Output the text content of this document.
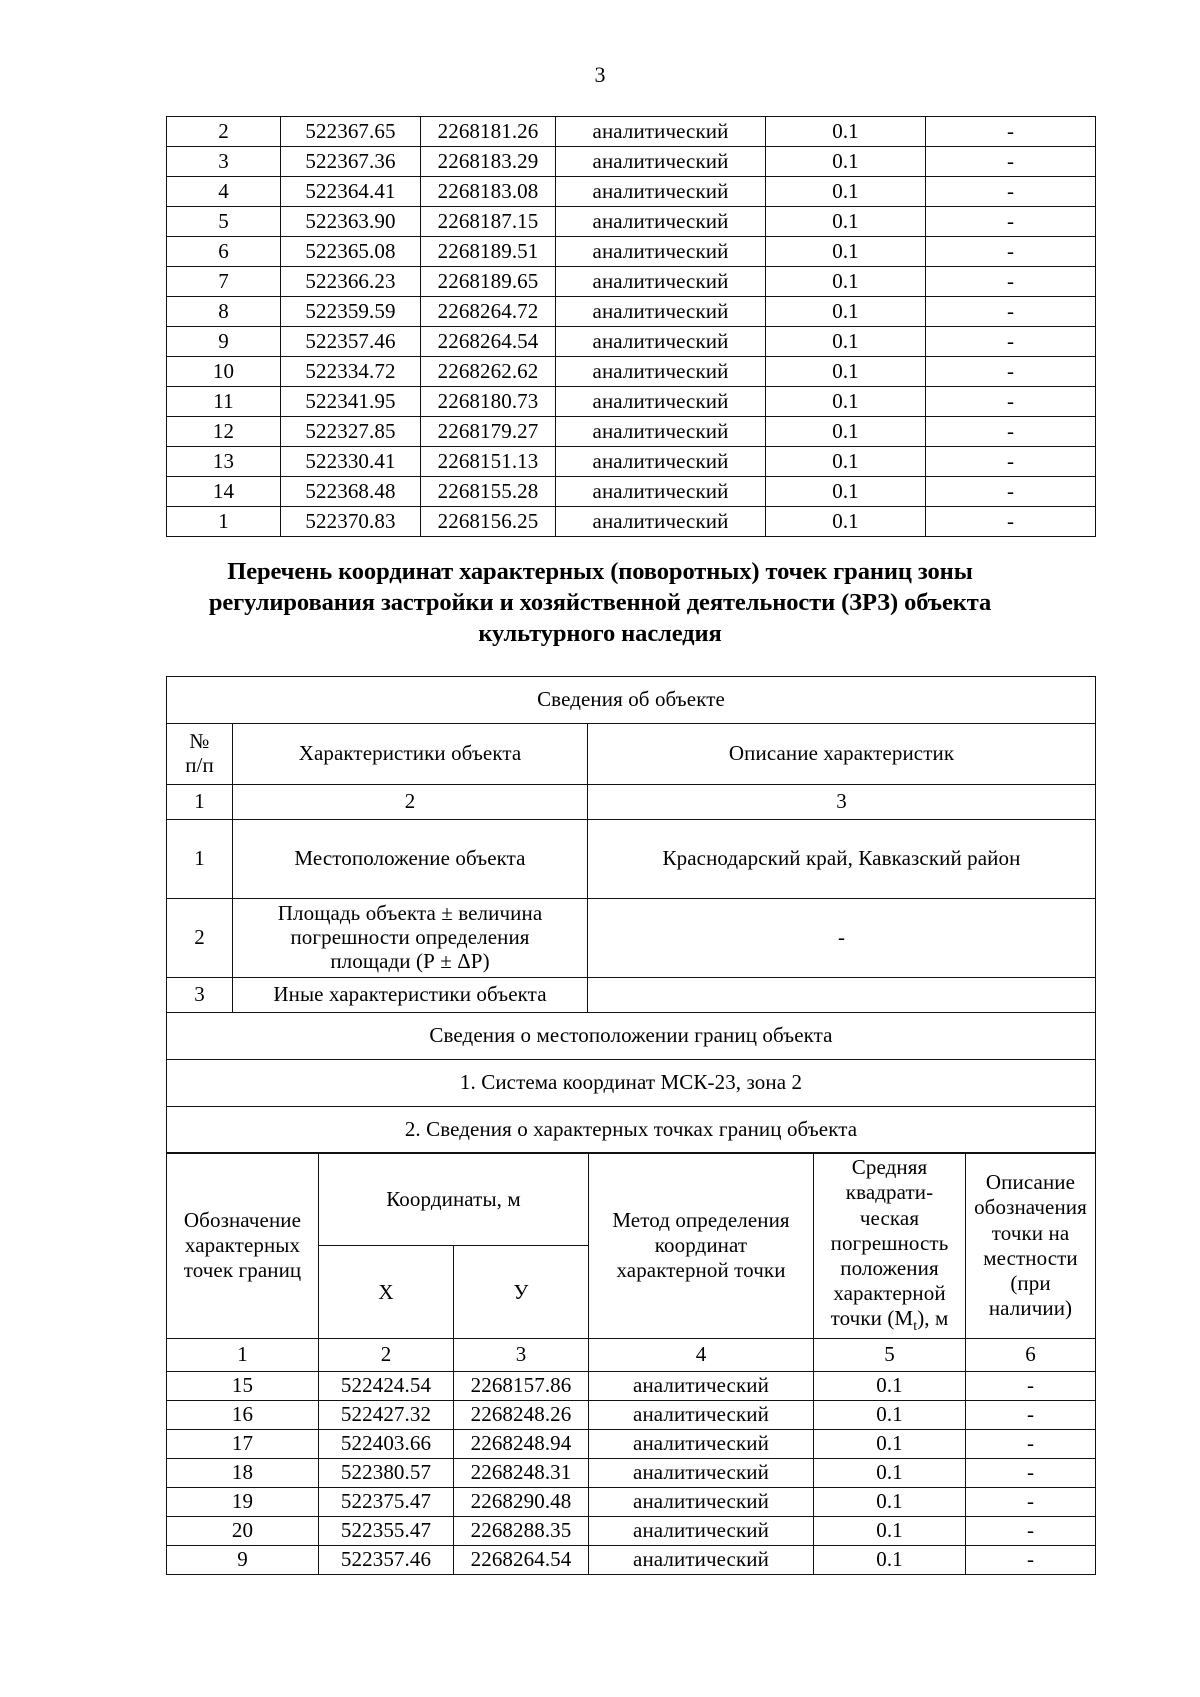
3
2	522367.65	2268181.26	аналитический	0.1	-
3	522367.36	2268183.29	аналитический	0.1	-
4	522364.41	2268183.08	аналитический	0.1	-
5	522363.90	2268187.15	аналитический	0.1	-
6	522365.08	2268189.51	аналитический	0.1	-
7	522366.23	2268189.65	аналитический	0.1	-
8	522359.59	2268264.72	аналитический	0.1	-
9	522357.46	2268264.54	аналитический	0.1	-
10	522334.72	2268262.62	аналитический	0.1	-
11	522341.95	2268180.73	аналитический	0.1	-
12	522327.85	2268179.27	аналитический	0.1	-
13	522330.41	2268151.13	аналитический	0.1	-
14	522368.48	2268155.28	аналитический	0.1	-
1	522370.83	2268156.25	аналитический	0.1	-
Перечень координат характерных (поворотных) точек границ зоны
регулирования застройки и хозяйственной деятельности (ЗРЗ) объекта
культурного наследия
Сведения об объекте		
№
п/п	Характеристики объекта	Описание характеристик
1	2	3
1	Местоположение объекта	Краснодарский край, Кавказский район
2	Площадь объекта ± величина
погрешности определения
площади (Р ± ΔР)	-
3	Иные характеристики объекта	
Сведения о местоположении границ объекта		
1. Система координат МСК-23, зона 2		
2. Сведения о характерных точках границ объекта		
Обозначение
характерных
точек границ	Координаты, м	Метод определения
координат
характерной точки	Средняя
квадрати-
ческая
погрешность
положения
характерной
точки $(М_t)$, м	Описание
обозначения
точки на
местности
(при
наличии)
	Х	У			
1	2	3	4	5	6
15	522424.54	2268157.86	аналитический	0.1	-
16	522427.32	2268248.26	аналитический	0.1	-
17	522403.66	2268248.94	аналитический	0.1	-
18	522380.57	2268248.31	аналитический	0.1	-
19	522375.47	2268290.48	аналитический	0.1	-
20	522355.47	2268288.35	аналитический	0.1	-
9	522357.46	2268264.54	аналитический	0.1	-
